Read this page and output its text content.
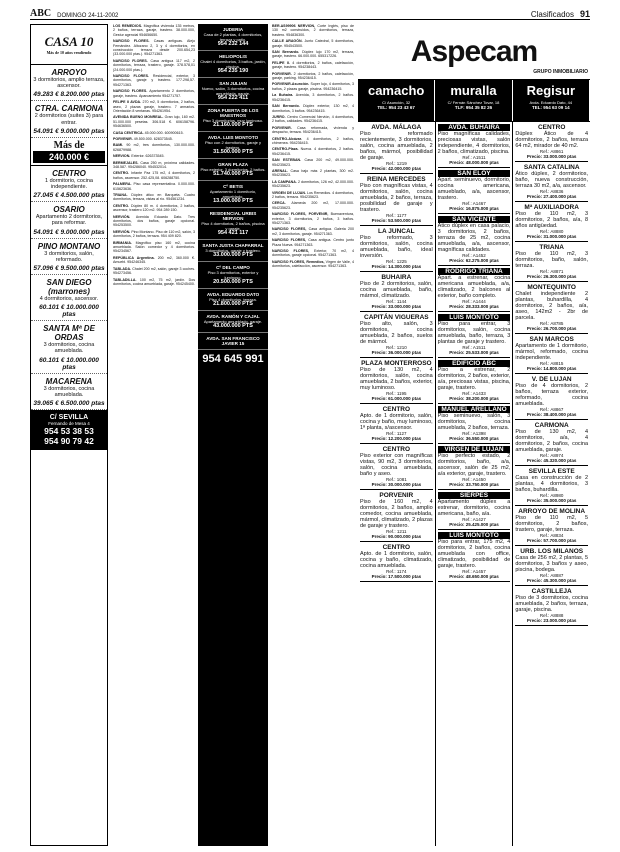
ABC DOMINGO 24-11-2002	Clasificados 91
CASA 10
Más de 10 años vendiendo
ARROYO
3 dormitorios, amplio terraza, ascensor.
49.283 € 8.200.000 ptas
CTRA. CARMONA
2 dormitorios (suites 3) para entrar.
54.091 € 9.000.000 ptas
Más de
240.000 €
CENTRO
1 dormitorio, cocina independiente.
27.045 € 4.500.000 ptas
OSARIO
Apartamento 2 dormitorios, para reformar.
54.091 € 9.000.000 ptas
PINO MONTANO
3 dormitorios, salón, reformado.
57.096 € 9.500.000 ptas
SAN DIEGO (marrones)
4 dormitorios, ascensor.
60.101 € 10.000.000 ptas
SANTA Mª DE ORDAS
3 dormitorios, cocina amueblada.
60.101 € 10.000.000 ptas
MACARENA
3 dormitorios, cocina amueblada.
39.065 € 6.500.000 ptas
C/ SEVILLA
Fernando de Mesa 4
954 53 38 53
954 90 79 42

LOS REMEDIOS. Magnífica vivienda 135 metros, 2 baños, terraza, garaje, trastero. 38.000.000, Gestur agencial 954656650.

NARCISO FLORES. Casas antiguas. Alejo Fernández. Altozano 2, 3 y 4 dormitorios, en construcción terraza desde 200.654,23 (33.000.000 ptas.). 954271363.

NARCISO FLORES. Casa antigua 117 m2, 2 dormitorios, terraza, trastero, garaje. 378.578,01 (24.000.000 ptas.).

NARCISO FLORES. Residencial, exterior, 3 dormitorios, garaje y trastero. 177.298,57. 954271363.

NARCISO FLORES. Apartamento 2 dormitorios, garaje, trastero. Aparcamiento 954271757.

FELIPE II AVDA. 270 m2, 5 dormitorios, 2 baños, aseo, 2 plazas garaje, trastero. 7 armarios. Orientación 8 ventanas. 954261954.

AVENIDA BUENO MONREAL. Gran lujo, 160 m2. 51.000.000 pesetas. 306.518 €. 606158796. 954636500.

CASA CENTRICA. 45.000.000. 600900615.

PORVENIR. 49.500.000. 628373545.

BAMI. 90 m2, tres dormitorios, 130.000.000. 626879988.

NERVION. Exterior. 626373545.

BERMEJALES. Casa 250 m, próxima calidades. 348.587. 954286040. 954532014.

CENTRO. Infante Paz 175 m2, 4 dormitorios, 2 baños, ascensor. 252.425,08. 606288750.

PALMERA. Piso casa representativa. 0.000.000. 615623636.

TRIANA. Dúplex ático en Barqueta. Cuatro dormitorios, terraza, vistas al río. 954561234.

CENTRO. Dúplex 80 m. 4 dormitorios, 2 baños, ascensor, trastero 120 m2. 954 289 150.

NERVIÓN. Avenida Eduardo Dato. Tres dormitorios, dos baños, garaje opcional. 954253500.

NERVIÓN. Pino Montano. Piso de 110 m2, salón, 3 dormitorios, 2 baños, terraza. 954 409 820.

BIRMANIA. Magnífico piso 160 m2, cocina amueblada. Salón comedor y 4 dormitorios. 954234567.

REPÚBLICA Argentina. 200 m2, 360.000 €. Amuebl. 954246345.

TABLADA. Chalet 200 m2, salón, garaje 3 coches. 954273456.

TABLADILLA. 100 m2, 75 m2, jardín. Dos dormitorios, cocina amueblada, garaje. 954245400.

JUDERIA
Casa de 2 plantas, 4 dormitorios, terraza y patio.
954 232 144
HELIOPOLIS
Chalet 4 dormitorios, 3 baños, jardín, piscina.
954 235 190
SAN JULIAN
Nuevo, salón, 3 dormitorios, cocina amueblada, garaje.
954 222 411
ZONA PUERTA DE LOS MAESTROS
Piso 3 dormitorios, muy luminoso.
21.160.000 PTS
AVDA. LUIS MONTOTO
Piso con 2 dormitorios, garaje y trastero.
31.500.000 PTS
GRAN PLAZA
Piso exterior, 3 dormitorios, 2 baños.
51.740.000 PTS
Cº BETIS
Apartamento 1 dormitorio, amueblado.
13.000.000 PTS
RESIDENCIAL URBIS NERVION
Piso 4 dormitorios, 2 baños, piscina y garaje.
954 421 117
SANTA JUSTA CHAPARRAL
3 dormitorios, garaje y trastero.
33.000.000 PTS
Cº DEL CAMPO
Piso 3 dormitorios, exterior y luminoso.
20.500.000 PTS
AVDA. EDUARDO DATO
Piso 4 dormitorios, terraza.
21.800.000 PTS
AVDA. RAMÓN Y CAJAL
Apartamento amueblado, garaje.
43.000.000 PTS
AVDA. SAN FRANCISCO JAVIER 15
954 645 991

BER.AS99906 NERVION, Corte Inglés, piso de 130 m2 construidos, 2 dormitorios, terraza, trastero. 954836300.

CALLE ARAGÓN. Junto Catedral, 5 dormitorios, garaje. 954543500.

SAN Bernardo. Dúplex lujo 170 m2, terraza, garaje, trastero. 66.000.000. 655317226.

FELIPE II. 4 dormitorios, 2 baños, calefacción, garaje, trastero. 954238443.

PORVENIR. 2 dormitorios, 2 baños, calefacción, garaje, parking. 954236415.

PORVENIR-Asunción. Super lujo, 4 dormitorios, 3 baños, 2 plazas garaje, piscina. 954236415.

La Buhaira. Avenida, 3 dormitorios, 2 baños. 954236415.

SAN Bernardo. Dúplex exterior, 130 m2, 4 dormitorios, 3 baños. 954236415.

JURRO. Centro Comercial Nervión, 4 dormitorios, 2 baños, calidades. 954236415.

PORVENIR. Casa reformada, vivienda y despacho, terraza. 954236415.

CENTRO-Alcázar. 4 dormitorios, 2 baños, chimenea. 954236415.

CENTRO-Plaza. Nueva. 4 dormitorios, 2 baños. 954236415.

SAN ESTEBAN. Casa 200 m2, 49.000.000. 954235623.

ARENAL. Casa bajo más 2 plantas, 300 m2. 954235623.

LA CAMPANA. 2 dormitorios, 126 m2, 42.000.000. 954235623.

VIRGEN DE LUJAN. Los Remedios. 4 dormitorios, 2 baños, terraza. 954235623.

CERCA. Alameda 200 m2, 17.000.000. 954235623.

NARCISO FLORES, PORVENIR, Buenaventura, exterior, 3 dormitorios, 2 baños, 3 baños. 954271363.

NARCISO FLORES, Casa antigua. Galeria 200 m2, 3 dormitorios, garaje. 954271363.

NARCISO FLORES, Casa antigua. Centro junto Plaza Nueva. 954271363.

NARCISO FLORES, Exterior, 70 m2, 4 dormitorios, garaje opcional. 954271363.

NARCISO FLORES, Remedios, Virgen de Valle, 4 dormitorios, calefacción, ascensor. 954271363.

Aspecam
GRUPO INMOBILIARIO
camacho
C/ Asunción, 32
TEL: 954 23 43 67
muralla
C/ Fernán Sánchez Tovar, 18
TLF: 954 35 82 26
Regisur
Avda. Eduardo Dato, 44
TEL: 954 63 09 14
AVDA. MÁLAGA
Piso reformado recientemente, 3 dormitorios, salón, cocina amueblada, 2 baños, mármol, posibilidad de garaje.
Ref.: 1219
Precio: 42.000.000 ptas
REINA MERCEDES
Piso con magníficas vistas, 4 dormitorios, salón, cocina amueblada, 2 baños, terraza, posibilidad de garaje y trastero.
Ref.: 1177
Precio: 53.500.000 ptas
LA JUNCAL
Piso reformado, 3 dormitorios, salón, cocina amueblada, baño, ideal inversión.
Ref.: 1225
Precio: 14.300.000 ptas
BUHAIRA
Piso de 2 dormitorios, salón, cocina amueblada, baño, mármol, climatizado.
Ref.: 1144
Precio: 33.000.000 ptas
CAPITÁN VIGUERAS
Piso alto, salón, 3 dormitorios, cocina amueblada, 2 baños, suelos de mármol.
Ref.: 1210
Precio: 36.000.000 ptas
PLAZA MONTERROSO
Piso de 130 m2, 4 dormitorios, salón, cocina amueblada, 2 baños, exterior, muy luminoso.
Ref.: 1195
Precio: 61.000.000 ptas
CENTRO
Apto. de 1 dormitorio, salón, cocina y baño, muy luminoso, 1ª planta, s/ascensor.
Ref.: 1127
Precio: 12.200.000 ptas
CENTRO
Piso exterior con magníficas vistas, 90 m2, 3 dormitorios, salón, cocina amueblada, baño y aseo.
Ref.: 1081
Precio: 30.000.000 ptas
PORVENIR
Piso de 160 m2, 4 dormitorios, 2 baños, amplio comedor, cocina amueblada, mármol, climatizado, 2 plazas de garaje y trastero.
Ref.: 1211
Precio: 90.000.000 ptas
CENTRO
Apto. de 1 dormitorio, salón, cocina y baño, climatizado, cocina amueblada.
Ref.: 1174
Precio: 17.500.000 ptas
AVDA. BUHAIRA
Piso magníficas calidades, preciosas vistas, salón independiente, 4 dormitorios, 2 baños, climatizado, piscina.
Ref.: A1511
Precio: 48.000.000 ptas
SAN ELOY
Apart. seminuevo, dormitorio, cocina americana, amueblado, a/a, ascensor, trastero.
Ref.: A1467
Precio: 16.875.000 ptas
SAN VICENTE
Ático dúplex en casa palacio, 3 dormitorios, 2 baños, terraza de 25 m2, cocina amueblada, a/a, ascensor, magníficas calidades.
Ref.: A1452
Precio: 62.275.000 ptas
RODRIGO TRIANA
Apart. a estrenar, cocina americana amueblada, a/a, climatizado, 2 balcones al exterior, baño completo.
Ref.: A1444
Precio: 28.333.000 ptas
LUIS MONTOTO
Piso para entrar, 3 dormitorios, salón, cocina amueblada, baño, terraza, 3 plantas de garaje y trastero.
Ref.: A1511
Precio: 25.533.000 ptas
EDIFICIO ABC
Piso a estrenar, 2 dormitorios, 2 baños, exterior, a/a, preciosas vistas, piscina, garaje, trastero.
Ref.: A1433
Precio: 38.200.000 ptas
MANUEL ARELLANO
Piso seminuevo, salón, 3 dormitorios, cocina amueblada, 2 baños, terraza.
Ref.: A1398
Precio: 36.550.000 ptas
VIRGEN DE LUJAN
Piso perfecto estado, 2 dormitorios, baño, a/a, ascensor, salón de 25 m2, a/a exterior, garaje, trastero.
Ref.: A1450
Precio: 33.750.000 ptas
SIERPES
Apartamento dúplex a estrenar, dormitorio, cocina americana, baño, a/a.
Ref.: A1427
Precio: 25.425.000 ptas
LUIS MONTOTO
Piso para entrar, 175 m2, 4 dormitorios, 2 baños, cocina amueblada con office, climatizado, posibilidad de garaje, trastero.
Ref.: A1457
Precio: 48.650.000 ptas
CENTRO
Dúplex Ático de 4 dormitorios, 2 baños, terraza 64 m2, mirador de 40 m2.
Ref.: A8861
Precio: 33.000.000 ptas
SANTA CATALINA
Ático dúplex, 2 dormitorios, baño, nueva construcción, terraza 30 m2, a/a, ascensor.
Ref.: A8836
Precio: 27.400.000 ptas
Mª AUXILIADORA
Piso de 110 m2, 3 dormitorios, 2 baños, a/a, 8 años antigüedad.
Ref.: A8880
Precio: 31.000.000 ptas
TRIANA
Piso de 110 m2, 3 dormitorios, baño, salón, terraza.
Ref.: A8871
Precio: 26.300.000 ptas
MONTEQUINTO
Chalet independiente 2 plantas, buhardilla, 4 dormitorios, 2 baños, a/a, aseo, 142m2 - 2br de parcela.
Ref.: A8785
Precio: 26.700.000 ptas
SAN MARCOS
Apartamento de 1 dormitorio, mármol, reformado, cocina independiente.
Ref.: A8815
Precio: 14.800.000 ptas
V. DE LUJAN
Piso de 4 dormitorios, 2 baños, terraza exterior, reformado, cocina amueblada.
Ref.: A8867
Precio: 38.400.000 ptas
CARMONA
Piso de 130 m2, 4 dormitorios, a/a, 4 dormitorios, 2 baños, cocina amueblada, garaje.
Ref.: A8974
Precio: 45.320.000 ptas
SEVILLA ESTE
Casa en construcción de 2 plantas, 4 dormitorios, 3 baños, buhardilla.
Ref.: A8980
Precio: 35.000.000 ptas
ARROYO DE MOLINA
Piso de 110 m2, 5 dormitorios, 2 baños, trastero, garaje, terraza.
Ref.: A8834
Precio: 57.700.000 ptas
URB. LOS MILANOS
Casa de 256 m2, 2 plantas, 5 dormitorios, 3 baños y aseo, piscina, bodega.
Ref.: A8887
Precio: 45.300.000 ptas
CASTILLEJA
Piso de 3 dormitorios, cocina amueblada, 2 baños, terraza, garaje, piscina.
Ref.: A8888
Precio: 23.000.000 ptas
